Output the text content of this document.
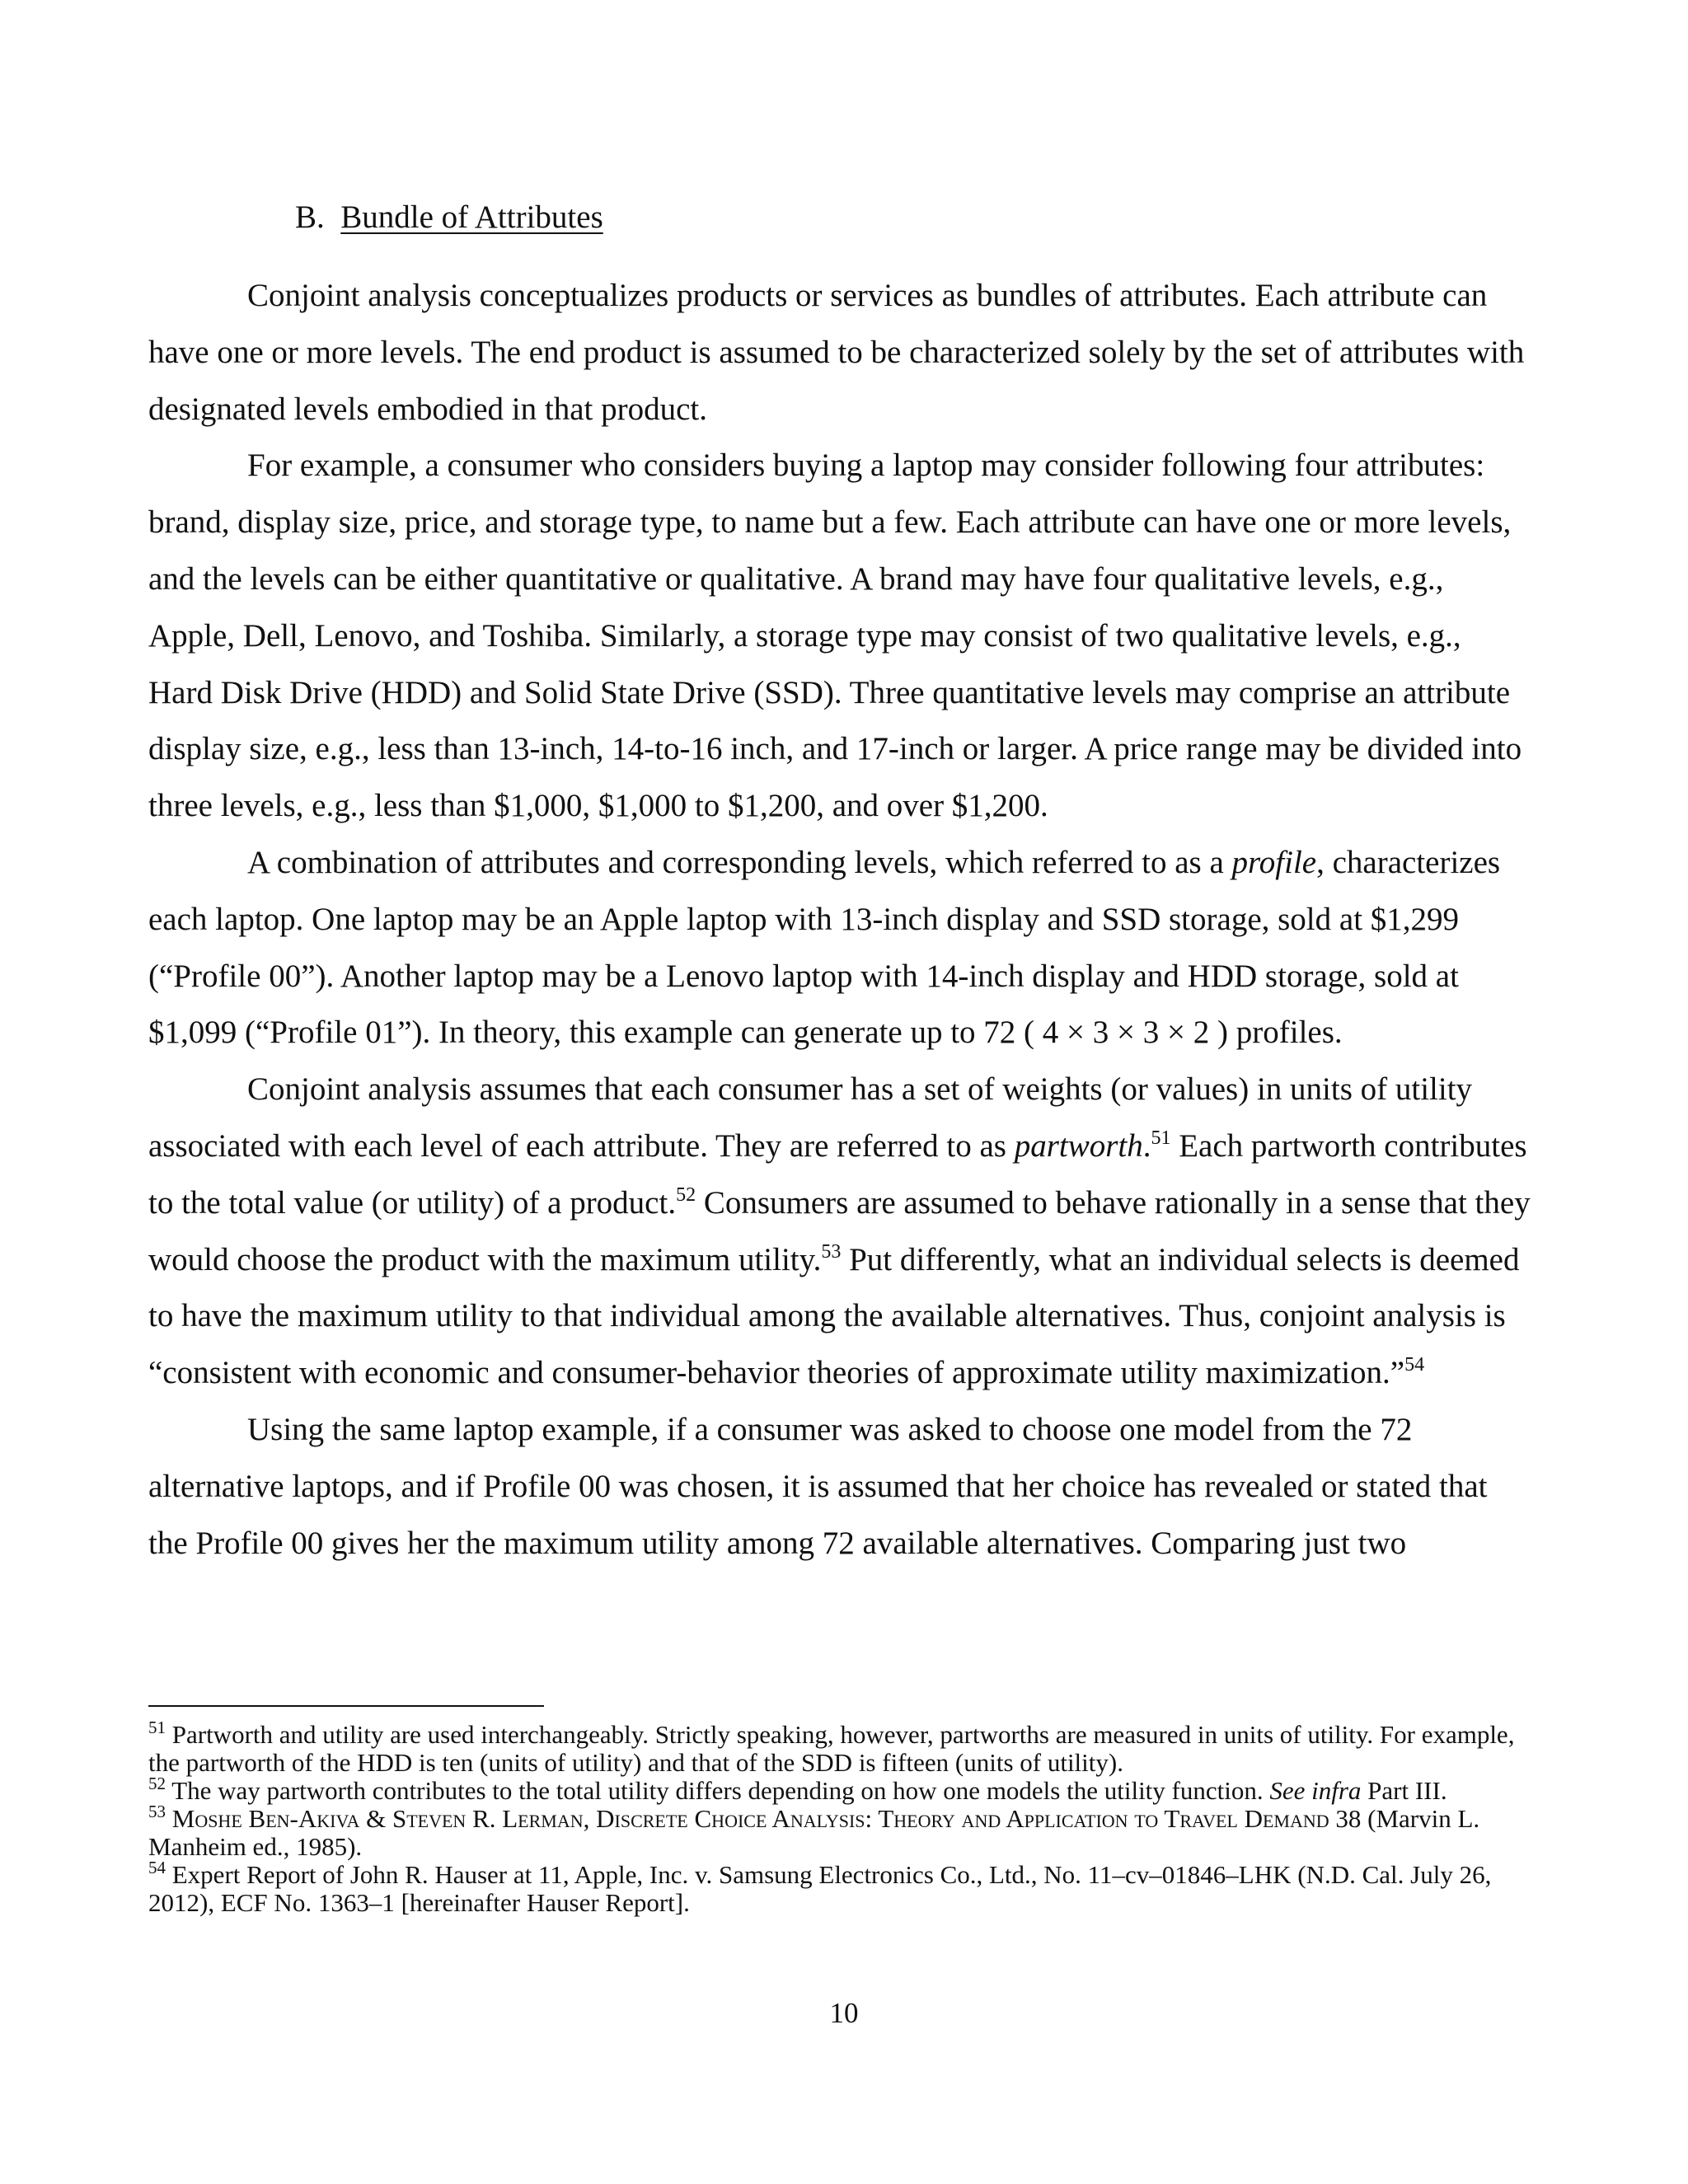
B. Bundle of Attributes

Conjoint analysis conceptualizes products or services as bundles of attributes. Each attribute can have one or more levels. The end product is assumed to be characterized solely by the set of attributes with designated levels embodied in that product.

For example, a consumer who considers buying a laptop may consider following four attributes: brand, display size, price, and storage type, to name but a few. Each attribute can have one or more levels, and the levels can be either quantitative or qualitative. A brand may have four qualitative levels, e.g., Apple, Dell, Lenovo, and Toshiba. Similarly, a storage type may consist of two qualitative levels, e.g., Hard Disk Drive (HDD) and Solid State Drive (SSD). Three quantitative levels may comprise an attribute display size, e.g., less than 13-inch, 14-to-16 inch, and 17-inch or larger. A price range may be divided into three levels, e.g., less than $1,000, $1,000 to $1,200, and over $1,200.

A combination of attributes and corresponding levels, which referred to as a profile, characterizes each laptop. One laptop may be an Apple laptop with 13-inch display and SSD storage, sold at $1,299 (“Profile 00”). Another laptop may be a Lenovo laptop with 14-inch display and HDD storage, sold at $1,099 (“Profile 01”). In theory, this example can generate up to 72 ( 4 × 3 × 3 × 2 ) profiles.

Conjoint analysis assumes that each consumer has a set of weights (or values) in units of utility associated with each level of each attribute. They are referred to as partworth.$^{51}$ Each partworth contributes to the total value (or utility) of a product.$^{52}$ Consumers are assumed to behave rationally in a sense that they would choose the product with the maximum utility.$^{53}$ Put differently, what an individual selects is deemed to have the maximum utility to that individual among the available alternatives. Thus, conjoint analysis is “consistent with economic and consumer-behavior theories of approximate utility maximization.”$^{54}$

Using the same laptop example, if a consumer was asked to choose one model from the 72 alternative laptops, and if Profile 00 was chosen, it is assumed that her choice has revealed or stated that the Profile 00 gives her the maximum utility among 72 available alternatives. Comparing just two

$^{51}$ Partworth and utility are used interchangeably. Strictly speaking, however, partworths are measured in units of utility. For example, the partworth of the HDD is ten (units of utility) and that of the SDD is fifteen (units of utility).

$^{52}$ The way partworth contributes to the total utility differs depending on how one models the utility function. See infra Part III.

$^{53}$ Moshe Ben-Akiva & Steven R. Lerman, Discrete Choice Analysis: Theory and Application to Travel Demand 38 (Marvin L. Manheim ed., 1985).

$^{54}$ Expert Report of John R. Hauser at 11, Apple, Inc. v. Samsung Electronics Co., Ltd., No. 11–cv–01846–LHK (N.D. Cal. July 26, 2012), ECF No. 1363–1 [hereinafter Hauser Report].

10
